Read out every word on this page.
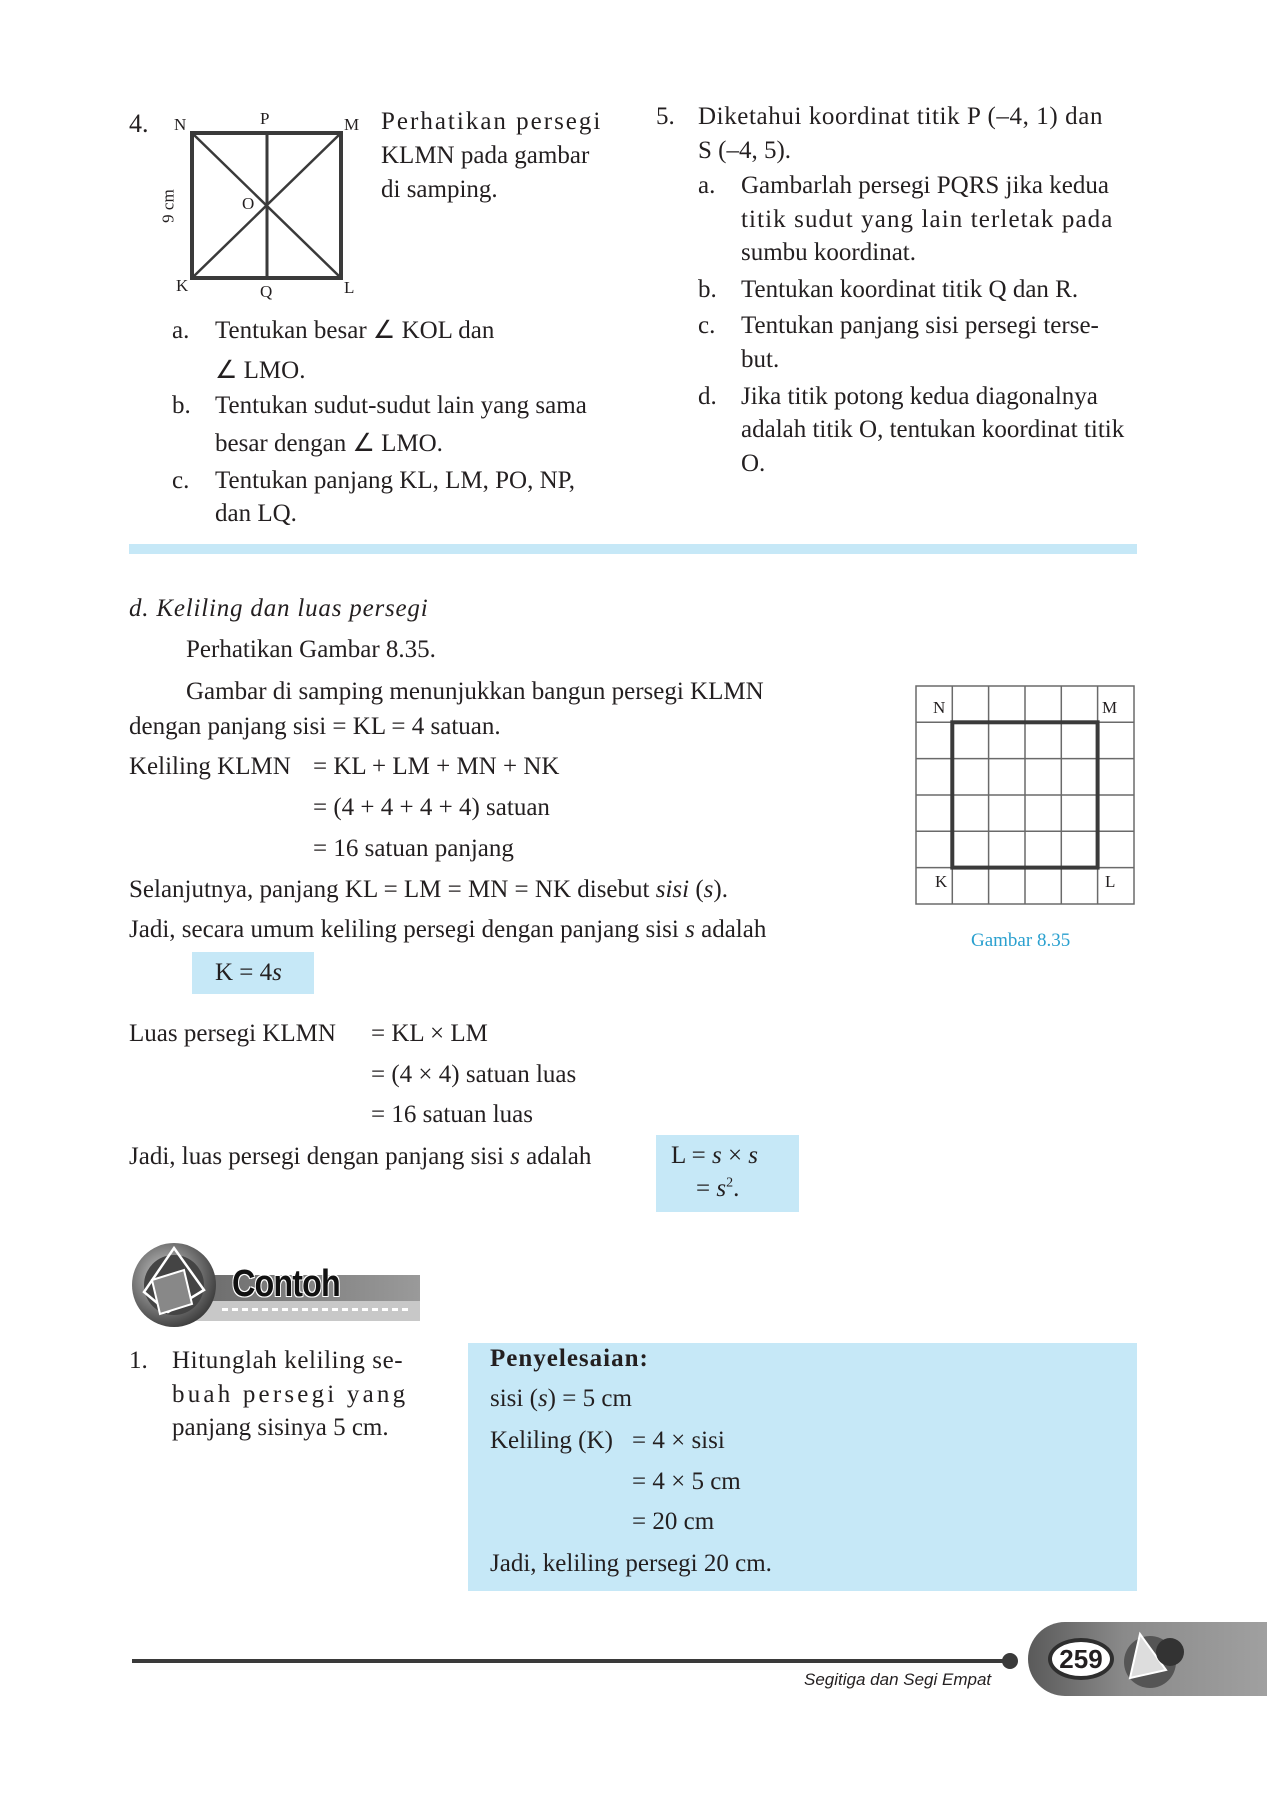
4. N	P	M
O
K	Q	L
9 cm
Perhatikan persegi
KLMN pada gambar
di samping.
a. Tentukan besar ∠ KOL dan
∠ LMO.
b. Tentukan sudut-sudut lain yang sama
besar dengan ∠ LMO.
c. Tentukan panjang KL, LM, PO, NP,
dan LQ.
5. Diketahui koordinat titik P (–4, 1) dan
S (–4, 5).
a. Gambarlah persegi PQRS jika kedua
titik sudut yang lain terletak pada
sumbu koordinat.
b. Tentukan koordinat titik Q dan R.
c. Tentukan panjang sisi persegi terse-
but.
d. Jika titik potong kedua diagonalnya
adalah titik O, tentukan koordinat titik
O.
d. Keliling dan luas persegi
Perhatikan Gambar 8.35.
Gambar di samping menunjukkan bangun persegi KLMN
dengan panjang sisi = KL = 4 satuan.
Keliling KLMN = KL + LM + MN + NK
= (4 + 4 + 4 + 4) satuan
= 16 satuan panjang
Selanjutnya, panjang KL = LM = MN = NK disebut sisi (s).
Jadi, secara umum keliling persegi dengan panjang sisi s adalah
K = 4s
Luas persegi KLMN = KL × LM
= (4 × 4) satuan luas
= 16 satuan luas
Jadi, luas persegi dengan panjang sisi s adalah	L = s × s
= $s^2$.
N	M
K	L
Gambar 8.35
Contoh
1. Hitunglah keliling se-
buah persegi yang
panjang sisinya 5 cm.
Penyelesaian:
sisi (s) = 5 cm
Keliling (K) = 4 × sisi
= 4 × 5 cm
= 20 cm
Jadi, keliling persegi 20 cm.
Segitiga dan Segi Empat
259
